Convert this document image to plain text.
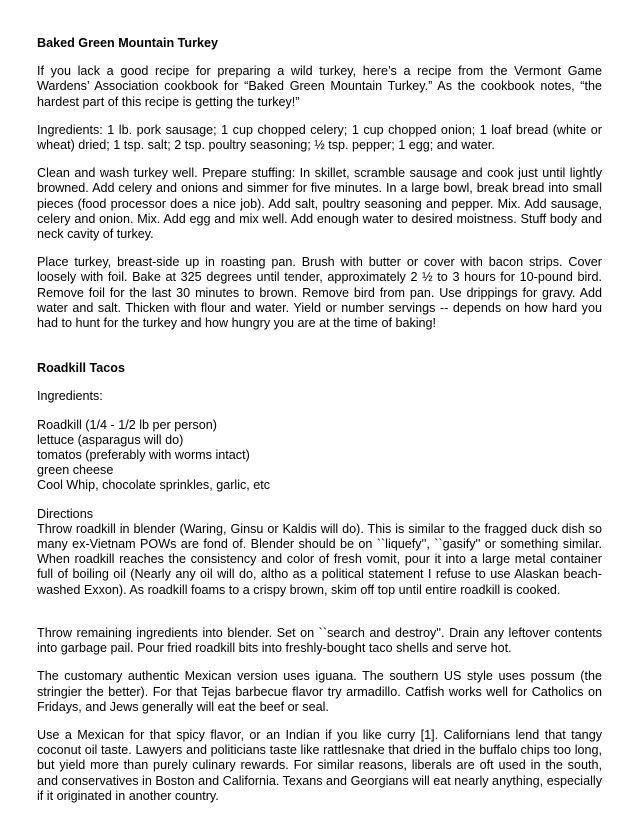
Baked Green Mountain Turkey

If you lack a good recipe for preparing a wild turkey, here’s a recipe from the Vermont Game Wardens’ Association cookbook for “Baked Green Mountain Turkey.” As the cookbook notes, “the hardest part of this recipe is getting the turkey!”

Ingredients: 1 lb. pork sausage; 1 cup chopped celery; 1 cup chopped onion; 1 loaf bread (white or wheat) dried; 1 tsp. salt; 2 tsp. poultry seasoning; ½ tsp. pepper; 1 egg; and water.

Clean and wash turkey well. Prepare stuffing: In skillet, scramble sausage and cook just until lightly browned. Add celery and onions and simmer for five minutes. In a large bowl, break bread into small pieces (food processor does a nice job). Add salt, poultry seasoning and pepper. Mix. Add sausage, celery and onion. Mix. Add egg and mix well. Add enough water to desired moistness. Stuff body and neck cavity of turkey.

Place turkey, breast-side up in roasting pan. Brush with butter or cover with bacon strips. Cover loosely with foil. Bake at 325 degrees until tender, approximately 2 ½ to 3 hours for 10-pound bird. Remove foil for the last 30 minutes to brown. Remove bird from pan. Use drippings for gravy. Add water and salt. Thicken with flour and water. Yield or number servings -- depends on how hard you had to hunt for the turkey and how hungry you are at the time of baking!

Roadkill Tacos

Ingredients:

Roadkill (1/4 - 1/2 lb per person)

lettuce (asparagus will do)

tomatos (preferably with worms intact)

green cheese

Cool Whip, chocolate sprinkles, garlic, etc

Directions

Throw roadkill in blender (Waring, Ginsu or Kaldis will do). This is similar to the fragged duck dish so many ex-Vietnam POWs are fond of. Blender should be on ``liquefy'', ``gasify'' or something similar. When roadkill reaches the consistency and color of fresh vomit, pour it into a large metal container full of boiling oil (Nearly any oil will do, altho as a political statement I refuse to use Alaskan beach-washed Exxon). As roadkill foams to a crispy brown, skim off top until entire roadkill is cooked.

Throw remaining ingredients into blender. Set on ``search and destroy''. Drain any leftover contents into garbage pail. Pour fried roadkill bits into freshly-bought taco shells and serve hot.

The customary authentic Mexican version uses iguana. The southern US style uses possum (the stringier the better). For that Tejas barbecue flavor try armadillo. Catfish works well for Catholics on Fridays, and Jews generally will eat the beef or seal.

Use a Mexican for that spicy flavor, or an Indian if you like curry [1]. Californians lend that tangy coconut oil taste. Lawyers and politicians taste like rattlesnake that dried in the buffalo chips too long, but yield more than purely culinary rewards. For similar reasons, liberals are oft used in the south, and conservatives in Boston and California. Texans and Georgians will eat nearly anything, especially if it originated in another country.
